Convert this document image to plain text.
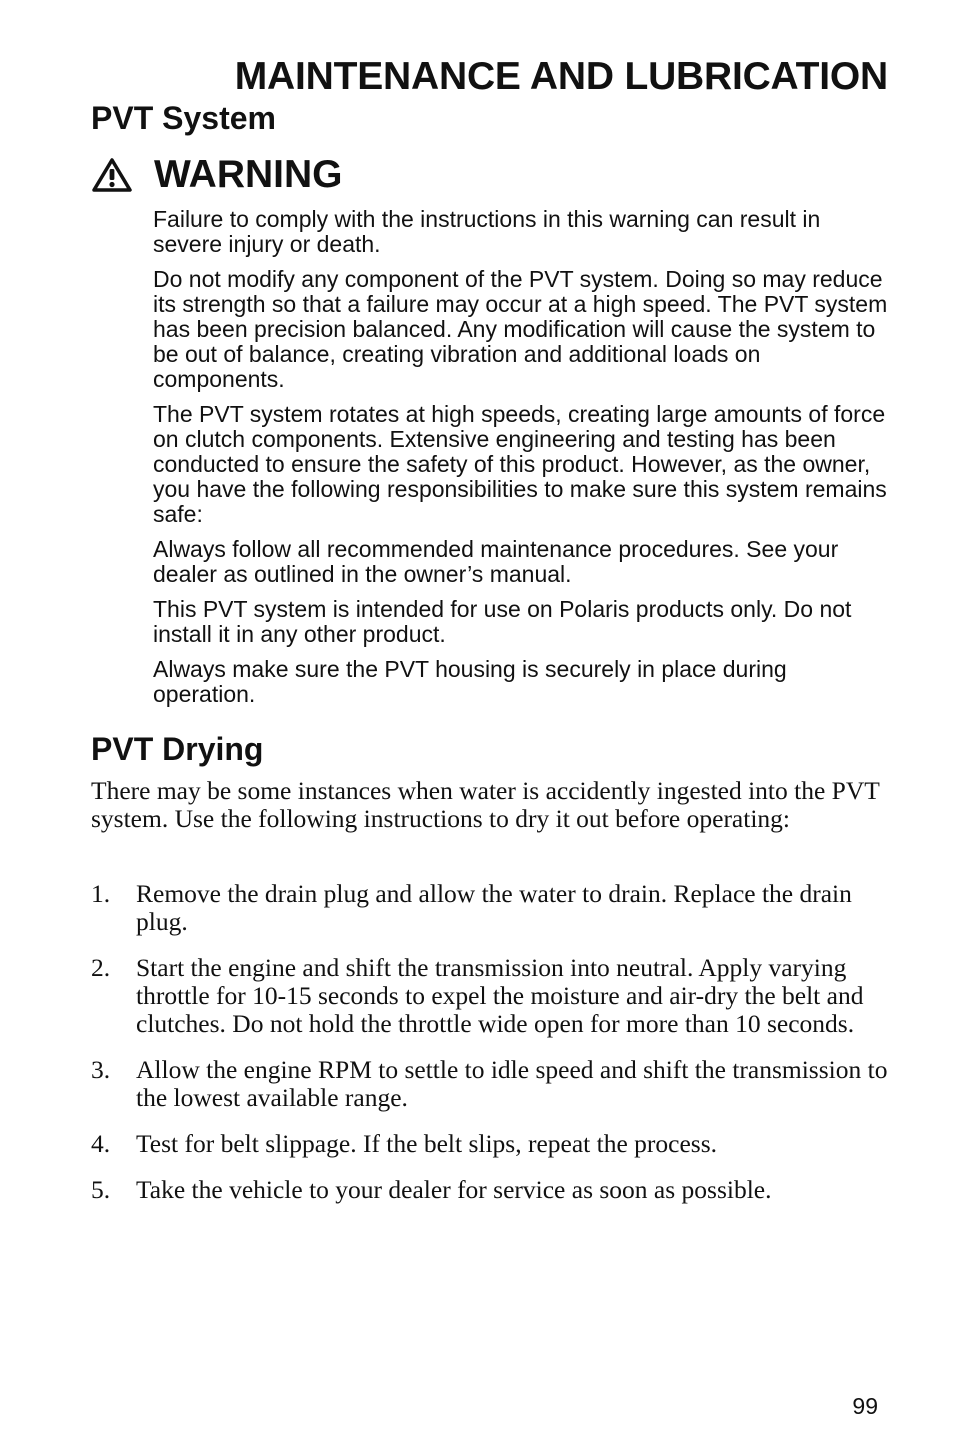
MAINTENANCE AND LUBRICATION
PVT System
WARNING

Failure to comply with the instructions in this warning can result in severe injury or death.

Do not modify any component of the PVT system. Doing so may reduce its strength so that a failure may occur at a high speed. The PVT system has been precision balanced. Any modification will cause the system to be out of balance, creating vibration and additional loads on components.

The PVT system rotates at high speeds, creating large amounts of force on clutch components. Extensive engineering and testing has been conducted to ensure the safety of this product. However, as the owner, you have the following responsibilities to make sure this system remains safe:

Always follow all recommended maintenance procedures. See your dealer as outlined in the owner’s manual.

This PVT system is intended for use on Polaris products only. Do not install it in any other product.

Always make sure the PVT housing is securely in place during operation.

PVT Drying

There may be some instances when water is accidently ingested into the PVT system. Use the following instructions to dry it out before operating:

1.	Remove the drain plug and allow the water to drain. Replace the drain plug.
2.	Start the engine and shift the transmission into neutral. Apply varying throttle for 10-15 seconds to expel the moisture and air-dry the belt and clutches. Do not hold the throttle wide open for more than 10 seconds.
3.	Allow the engine RPM to settle to idle speed and shift the transmission to the lowest available range.
4.	Test for belt slippage. If the belt slips, repeat the process.
5.	Take the vehicle to your dealer for service as soon as possible.
99
